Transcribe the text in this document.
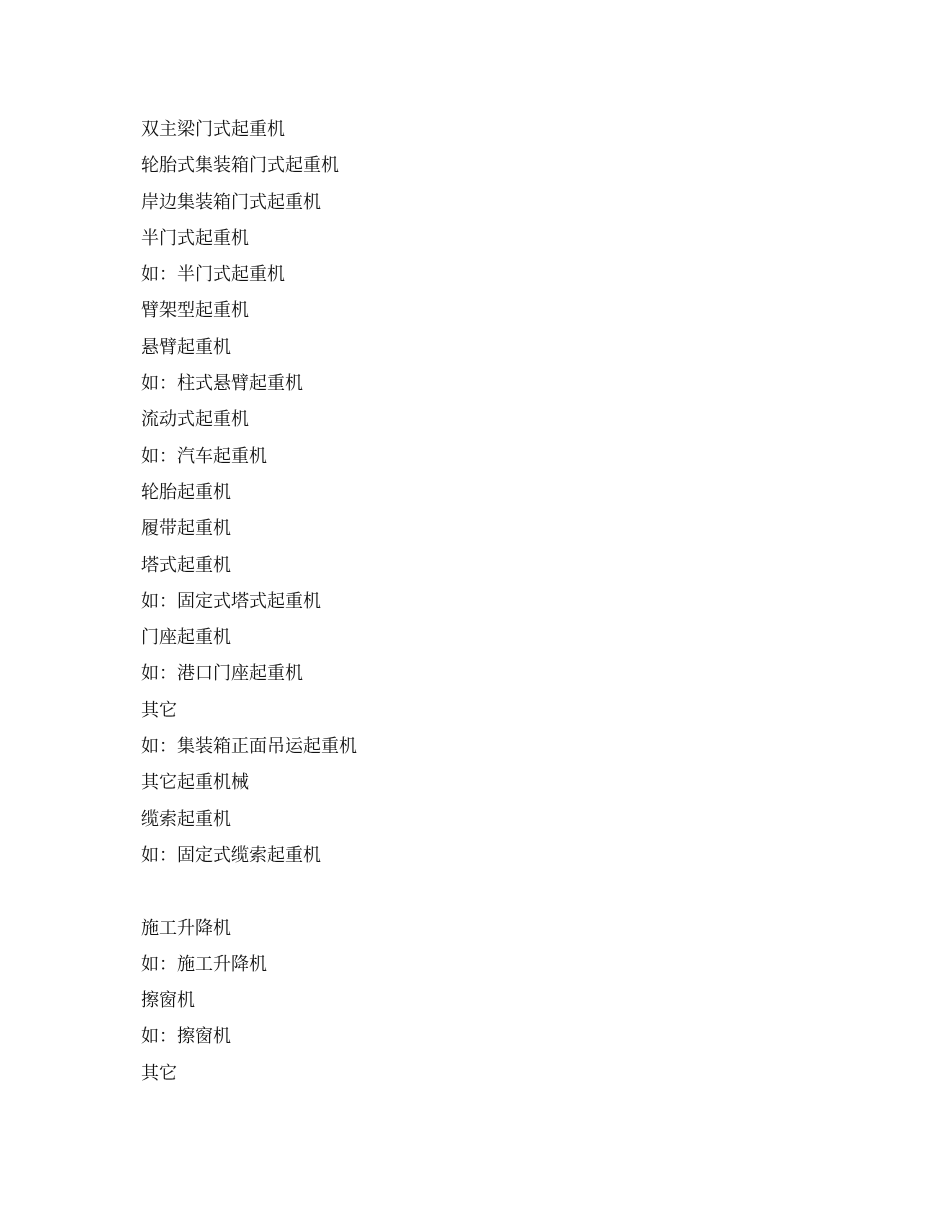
双主梁门式起重机

轮胎式集装箱门式起重机

岸边集装箱门式起重机

半门式起重机

如：半门式起重机

臂架型起重机

悬臂起重机

如：柱式悬臂起重机

流动式起重机

如：汽车起重机

轮胎起重机

履带起重机

塔式起重机

如：固定式塔式起重机

门座起重机

如：港口门座起重机

其它

如：集装箱正面吊运起重机

其它起重机械

缆索起重机

如：固定式缆索起重机

施工升降机

如：施工升降机

擦窗机

如：擦窗机

其它
